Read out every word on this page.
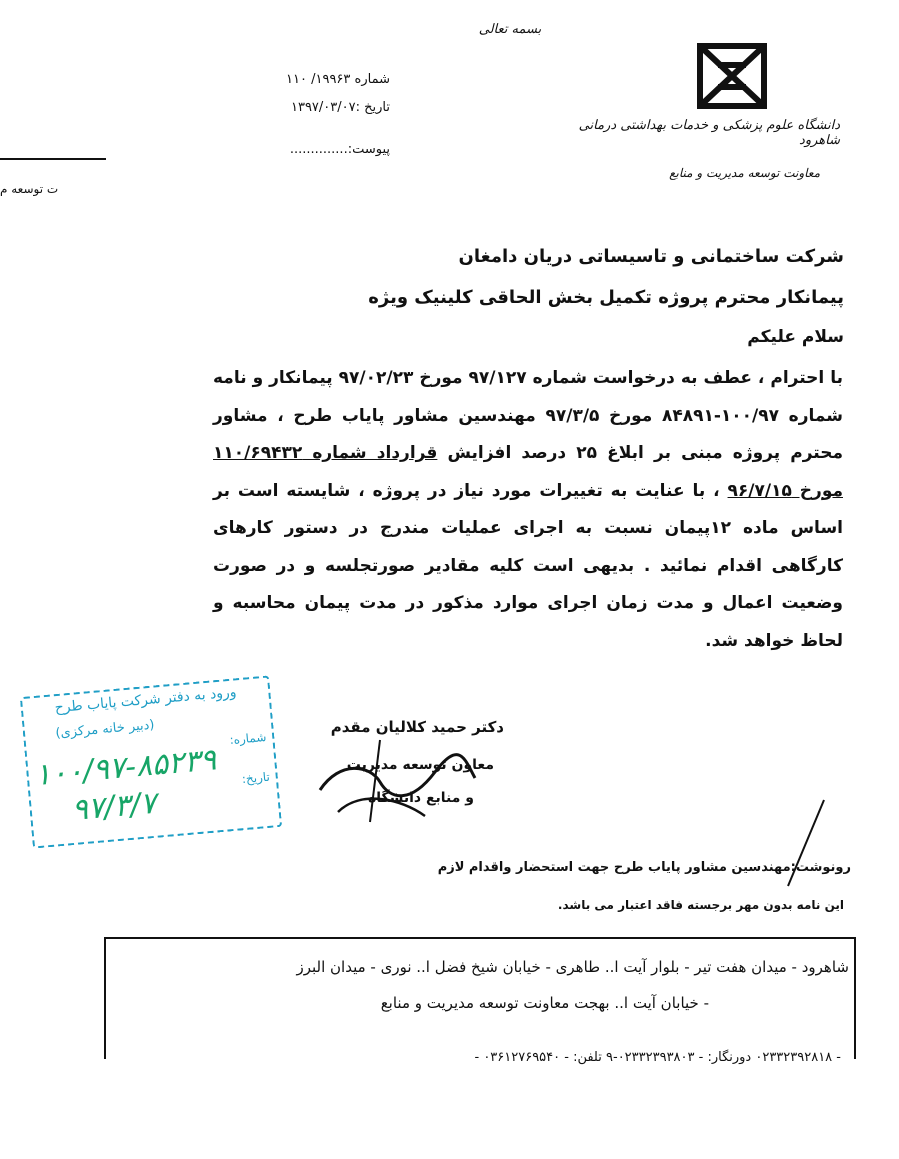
بسمه تعالی
دانشگاه علوم پزشکی و خدمات بهداشتی درمانی شاهرود
معاونت توسعه مدیریت و منابع
شماره ۱۹۹۶۳/ ۱۱۰
تاریخ :۱۳۹۷/۰۳/۰۷
پیوست:..............
ت توسعه م
شرکت ساختمانی و تاسیساتی دریان دامغان
پیمانکار محترم پروژه تکمیل بخش الحاقی کلینیک ویژه
سلام علیکم
با احترام ، عطف به درخواست شماره ۹۷/۱۲۷ مورخ ۹۷/۰۲/۲۳ پیمانکار و نامه شماره ۱۰۰/۹۷-۸۴۸۹۱ مورخ ۹۷/۳/۵ مهندسین مشاور پایاب طرح ، مشاور محترم پروژه مبنی بر ابلاغ ۲۵ درصد افزایش قرارداد شماره ۱۱۰/۶۹۴۳۲ مورخ ۹۶/۷/۱۵ ، با عنایت به تغییرات مورد نیاز در پروژه ، شایسته است بر اساس ماده ۱۲پیمان نسبت به اجرای عملیات مندرج در دستور کارهای کارگاهی اقدام نمائید . بدیهی است کلیه مقادیر صورتجلسه و در صورت وضعیت اعمال و مدت زمان اجرای موارد مذکور در مدت پیمان محاسبه و لحاظ خواهد شد.
دکتر حمید کلالیان مقدم
معاون توسعه مدیریت
و منابع دانشگاه
ورود به دفتر شرکت پایاب طرح
(دبیر خانه مرکزی)	شماره:
تاریخ:
۱۰۰/۹۷-۸۵۲۳۹
۹۷/۳/۷
رونوشت:مهندسین مشاور پایاب طرح جهت استحضار واقدام لازم
این نامه بدون مهر برجسته فاقد اعتبار می باشد.
شاهرود - میدان هفت تیر - بلوار آیت ا.. طاهری - خیابان شیخ فضل ا.. نوری - میدان البرز
- خیابان آیت ا.. بهجت معاونت توسعه مدیریت و منابع
- ۰۲۳۳۲۳۹۲۸۱۸ دورنگار: - ۰۲۳۳۲۳۹۳۸۰۳-۹ تلفن: - ۰۳۶۱۲۷۶۹۵۴۰ -
